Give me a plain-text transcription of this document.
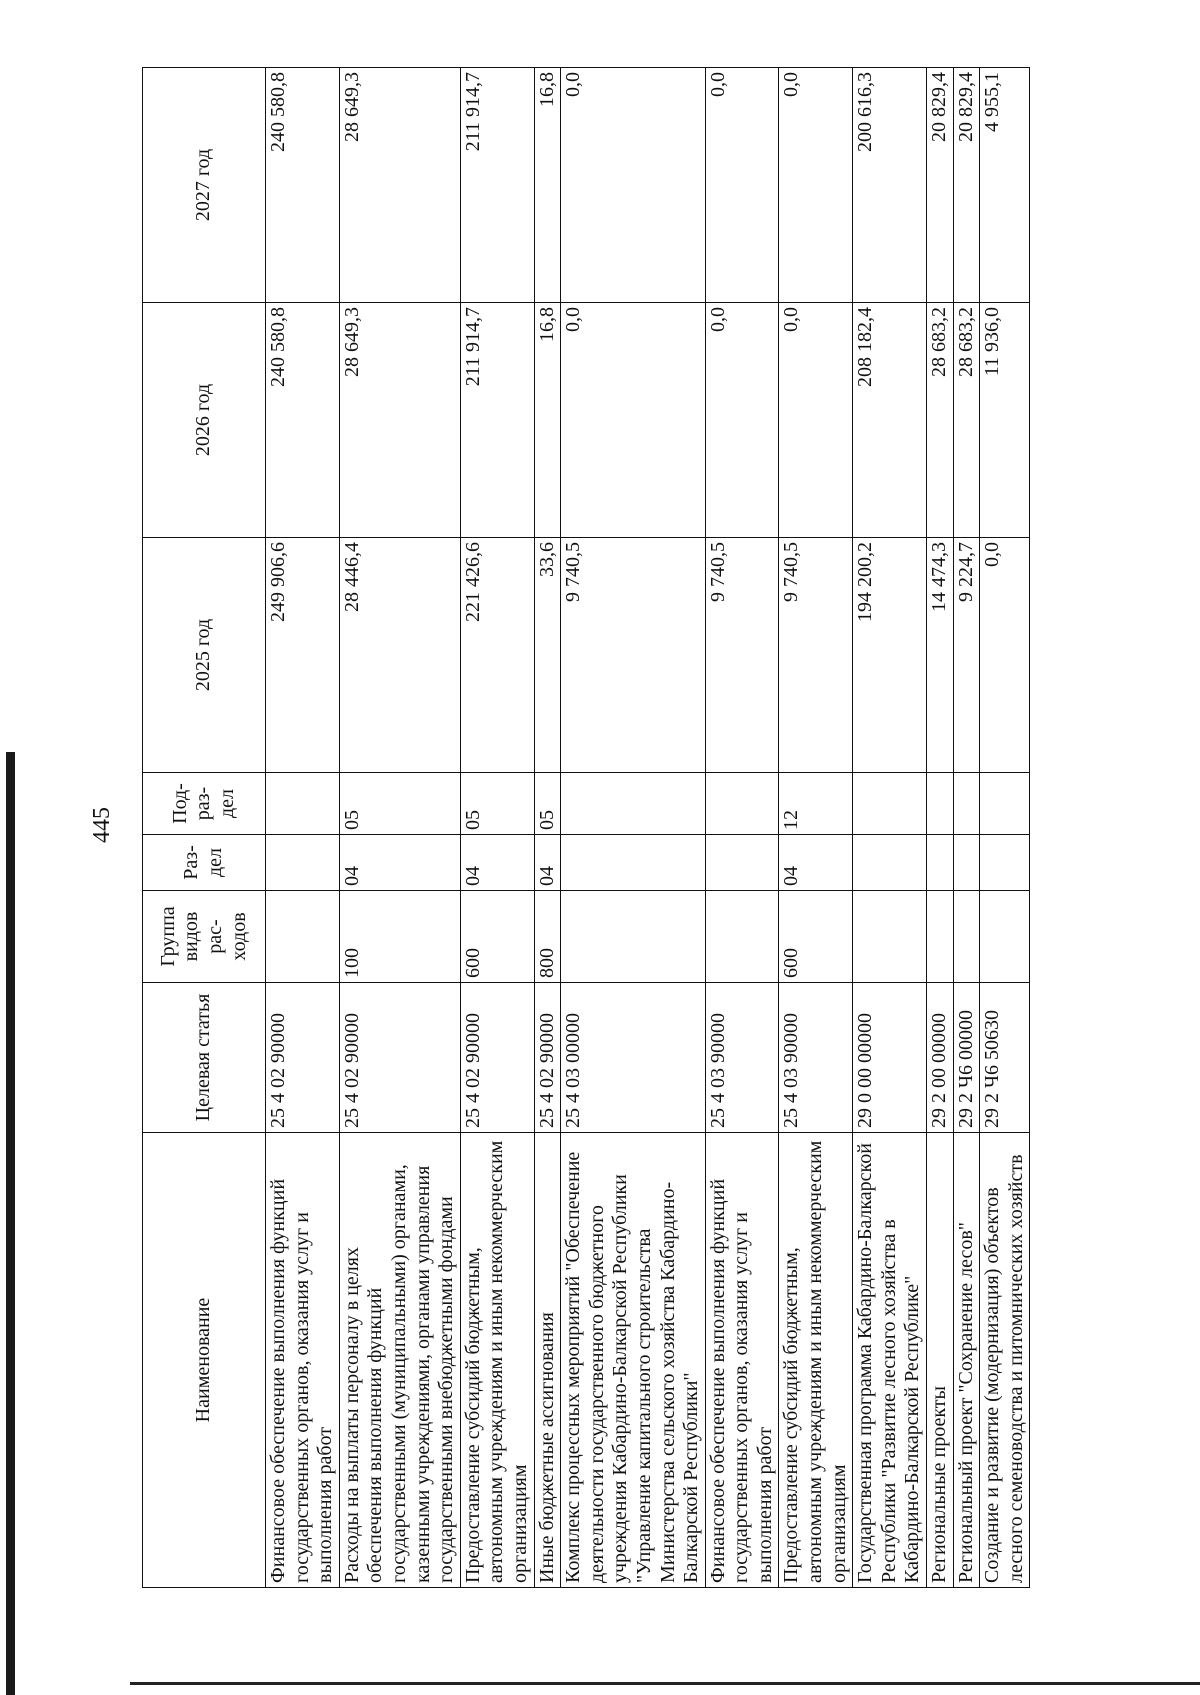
445
Наименование	Целевая статья	Группа видов рас- ходов	Раз- дел	Под- раз- дел	2025 год	2026 год	2027 год
Финансовое обеспечение выполнения функций государственных органов, оказания услуг и выполнения работ	25 4 02 90000				249 906,6	240 580,8	240 580,8
Расходы на выплаты персоналу в целях обеспечения выполнения функций государственными (муниципальными) органами, казенными учреждениями, органами управления государственными внебюджетными фондами	25 4 02 90000	100	04	05	28 446,4	28 649,3	28 649,3
Предоставление субсидий бюджетным, автономным учреждениям и иным некоммерческим организациям	25 4 02 90000	600	04	05	221 426,6	211 914,7	211 914,7
Иные бюджетные ассигнования	25 4 02 90000	800	04	05	33,6	16,8	16,8
Комплекс процессных мероприятий "Обеспечение деятельности государственного бюджетного учреждения Кабардино-Балкарской Республики "Управление капитального строительства Министерства сельского хозяйства Кабардино-Балкарской Республики"	25 4 03 00000				9 740,5	0,0	0,0
Финансовое обеспечение выполнения функций государственных органов, оказания услуг и выполнения работ	25 4 03 90000				9 740,5	0,0	0,0
Предоставление субсидий бюджетным, автономным учреждениям и иным некоммерческим организациям	25 4 03 90000	600	04	12	9 740,5	0,0	0,0
Государственная программа Кабардино-Балкарской Республики "Развитие лесного хозяйства в Кабардино-Балкарской Республике"	29 0 00 00000				194 200,2	208 182,4	200 616,3
Региональные проекты	29 2 00 00000				14 474,3	28 683,2	20 829,4
Региональный проект "Сохранение лесов"	29 2 Ч6 00000				9 224,7	28 683,2	20 829,4
Создание и развитие (модернизация) объектов лесного семеноводства и питомнических хозяйств	29 2 Ч6 50630				0,0	11 936,0	4 955,1
